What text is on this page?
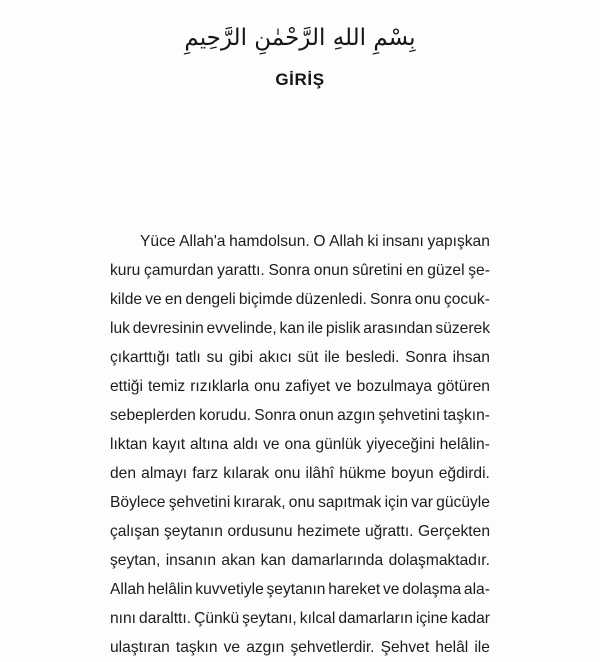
بِسْمِ اللهِ الرَّحْمٰنِ الرَّحِيمِ
GİRİŞ
Yüce Allah'a hamdolsun. O Allah ki insanı yapışkan
kuru çamurdan yarattı. Sonra onun sûretini en güzel şe-
kilde ve en dengeli biçimde düzenledi. Sonra onu çocuk-
luk devresinin evvelinde, kan ile pislik arasından süzerek
çıkarttığı tatlı su gibi akıcı süt ile besledi. Sonra ihsan
ettiği temiz rızıklarla onu zafiyet ve bozulmaya götüren
sebeplerden korudu. Sonra onun azgın şehvetini taşkın-
lıktan kayıt altına aldı ve ona günlük yiyeceğini helâlin-
den almayı farz kılarak onu ilâhî hükme boyun eğdirdi.
Böylece şehvetini kırarak, onu sapıtmak için var gücüyle
çalışan şeytanın ordusunu hezimete uğrattı. Gerçekten
şeytan, insanın akan kan damarlarında dolaşmaktadır.
Allah helâlin kuvvetiyle şeytanın hareket ve dolaşma ala-
nını daralttı. Çünkü şeytanı, kılcal damarların içine kadar
ulaştıran taşkın ve azgın şehvetlerdir. Şehvet helâl ile
